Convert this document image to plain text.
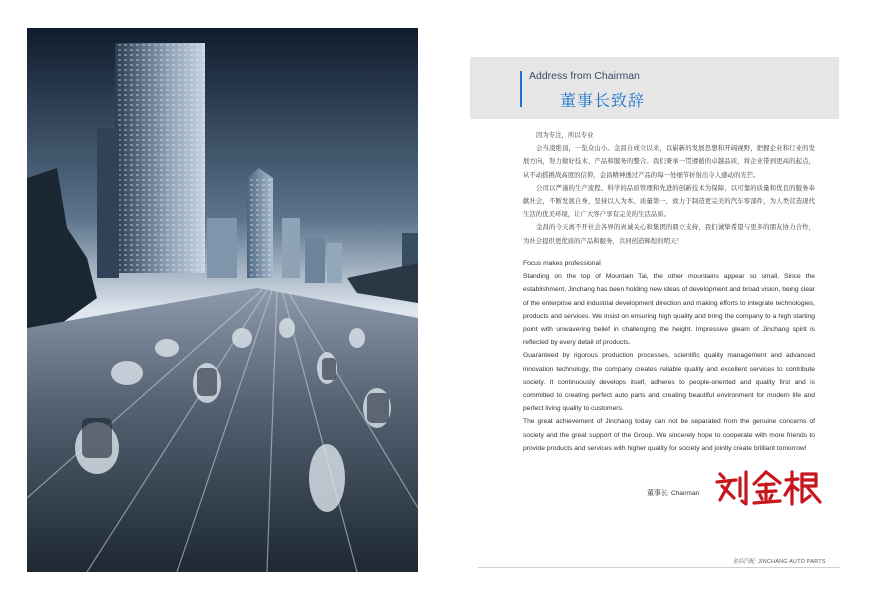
Address from Chairman
董事长致辞

因为专注，所以专业

会当凌绝顶，一览众山小。金昌自成立以来，以崭新的发展思想和开阔视野，把握企业和行业的发展方向，努力做好技术、产品和服务的整合。我们秉承一贯遵循的卓越品质，将企业带到更高的起点，从不动摇挑战高度的信仰，金昌精神透过产品的每一处细节折射出令人感动的光芒。

公司以严谨的生产流程、科学的品质管理和先进的创新技术为保障，以可靠的质量和优良的服务奉献社会，不断发展自身，坚持以人为本、质量第一，致力于制造更完美的汽车零部件，为人类营造现代生活的优美环境，让广大客户享有完美的生活品质。

金昌的今天离不开社会各界的真诚关心和集团的鼎立支持，我们诚挚希望与更多的朋友协力合作，为社会提供更优质的产品和服务，共同创造辉煌的明天！

Focus makes professional

Standing on the top of Mountain Tai, the other mountains appear so small. Since the establishment, Jinchang has been holding new ideas of development and broad vision, being clear of the enterprise and industrial development direction and making efforts to integrate technologies, products and services. We insist on ensuring high quality and bring the company to a high starting point with unwavering belief in challenging the height. Impressive gleam of Jinchang spirit is reflected by every detail of products.

Guaranteed by rigorous production processes, scientific quality management and advanced innovation technology, the company creates reliable quality and excellent services to contribute society. It continuously develops itself, adheres to people-oriented and quality first and is committed to creating perfect auto parts and creating beautiful environment for modern life and perfect living quality to customers.

The great achievement of Jinchang today can not be separated from the genuine concerns of society and the great support of the Group. We sincerely hope to cooperate with more friends to provide products and services with higher quality for society and jointly create brilliant tomorrow!

董事长 Chairman
金昌汽配 JINCHANG AUTO PARTS
